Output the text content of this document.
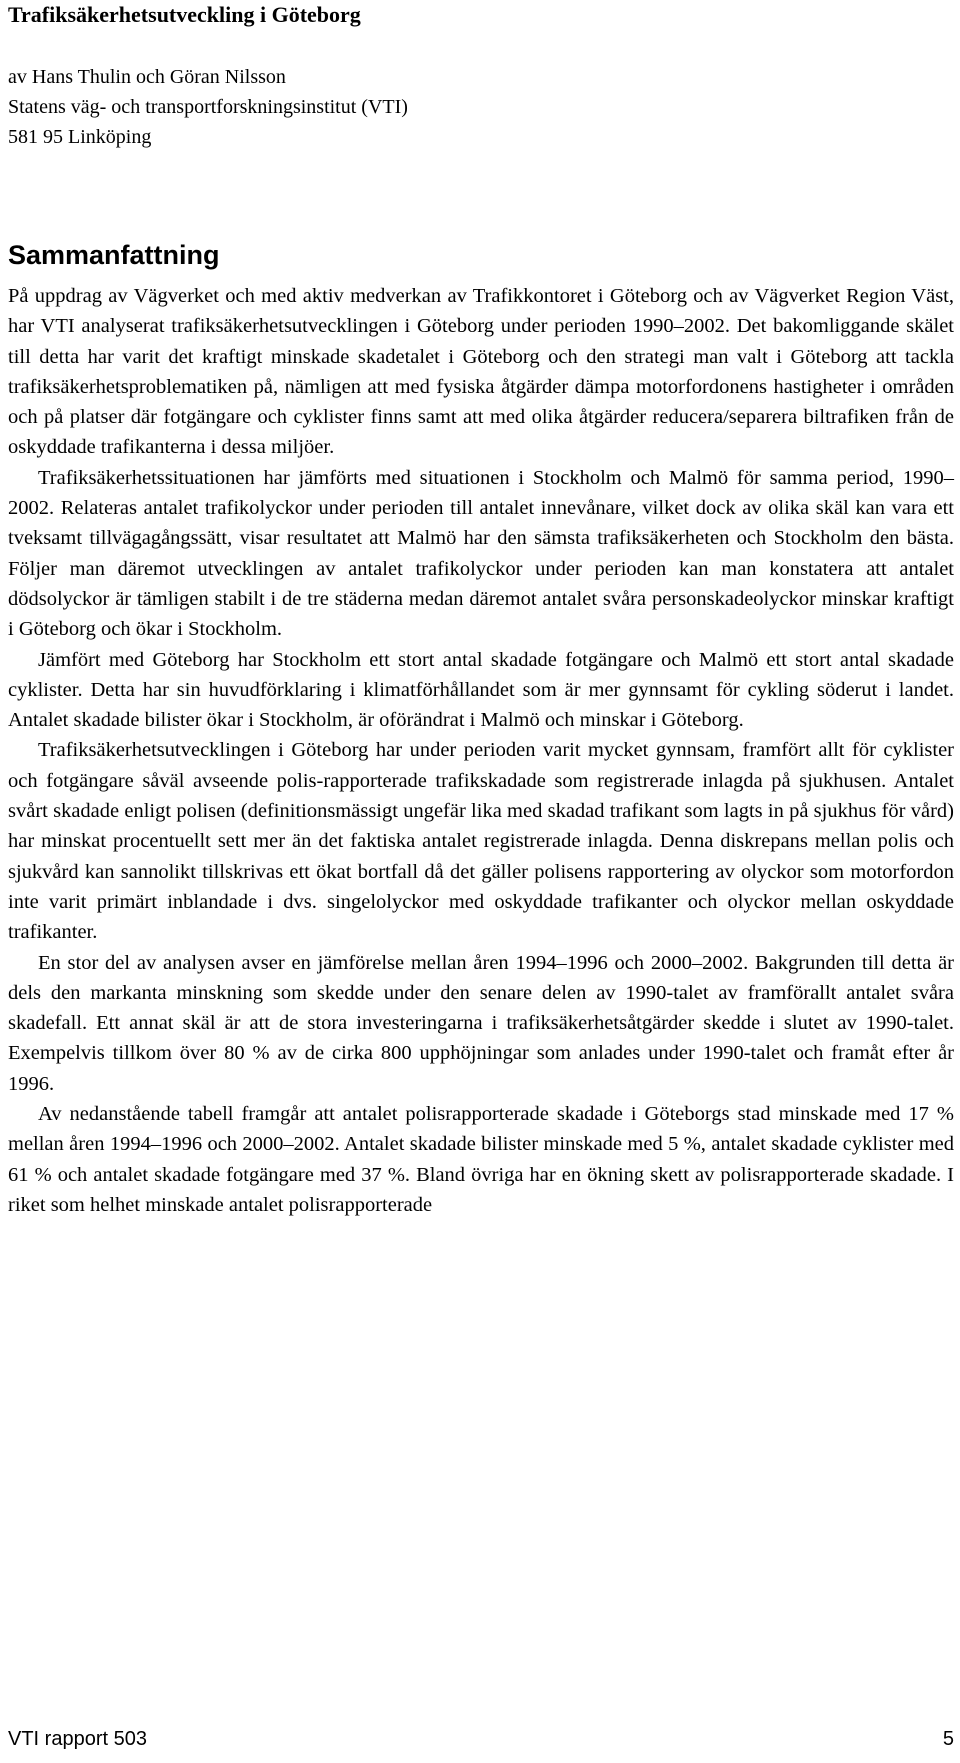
Trafiksäkerhetsutveckling i Göteborg
av Hans Thulin och Göran Nilsson
Statens väg- och transportforskningsinstitut (VTI)
581 95 Linköping
Sammanfattning

På uppdrag av Vägverket och med aktiv medverkan av Trafikkontoret i Göteborg och av Vägverket Region Väst, har VTI analyserat trafiksäkerhetsutvecklingen i Göteborg under perioden 1990–2002. Det bakomliggande skälet till detta har varit det kraftigt minskade skadetalet i Göteborg och den strategi man valt i Göteborg att tackla trafiksäkerhetsproblematiken på, nämligen att med fysiska åtgärder dämpa motorfordonens hastigheter i områden och på platser där fotgängare och cyklister finns samt att med olika åtgärder reducera/separera biltrafiken från de oskyddade trafikanterna i dessa miljöer.

Trafiksäkerhetssituationen har jämförts med situationen i Stockholm och Malmö för samma period, 1990–2002. Relateras antalet trafikolyckor under perioden till antalet innevånare, vilket dock av olika skäl kan vara ett tveksamt tillvägagångssätt, visar resultatet att Malmö har den sämsta trafiksäkerheten och Stockholm den bästa. Följer man däremot utvecklingen av antalet trafikolyckor under perioden kan man konstatera att antalet dödsolyckor är tämligen stabilt i de tre städerna medan däremot antalet svåra personskadeolyckor minskar kraftigt i Göteborg och ökar i Stockholm.

Jämfört med Göteborg har Stockholm ett stort antal skadade fotgängare och Malmö ett stort antal skadade cyklister. Detta har sin huvudförklaring i klimatförhållandet som är mer gynnsamt för cykling söderut i landet. Antalet skadade bilister ökar i Stockholm, är oförändrat i Malmö och minskar i Göteborg.

Trafiksäkerhetsutvecklingen i Göteborg har under perioden varit mycket gynnsam, framfört allt för cyklister och fotgängare såväl avseende polis-rapporterade trafikskadade som registrerade inlagda på sjukhusen. Antalet svårt skadade enligt polisen (definitionsmässigt ungefär lika med skadad trafikant som lagts in på sjukhus för vård) har minskat procentuellt sett mer än det faktiska antalet registrerade inlagda. Denna diskrepans mellan polis och sjukvård kan sannolikt tillskrivas ett ökat bortfall då det gäller polisens rapportering av olyckor som motorfordon inte varit primärt inblandade i dvs. singelolyckor med oskyddade trafikanter och olyckor mellan oskyddade trafikanter.

En stor del av analysen avser en jämförelse mellan åren 1994–1996 och 2000–2002. Bakgrunden till detta är dels den markanta minskning som skedde under den senare delen av 1990-talet av framförallt antalet svåra skadefall. Ett annat skäl är att de stora investeringarna i trafiksäkerhetsåtgärder skedde i slutet av 1990-talet. Exempelvis tillkom över 80 % av de cirka 800 upphöjningar som anlades under 1990-talet och framåt efter år 1996.

Av nedanstående tabell framgår att antalet polisrapporterade skadade i Göteborgs stad minskade med 17 % mellan åren 1994–1996 och 2000–2002. Antalet skadade bilister minskade med 5 %, antalet skadade cyklister med 61 % och antalet skadade fotgängare med 37 %. Bland övriga har en ökning skett av polisrapporterade skadade. I riket som helhet minskade antalet polisrapporterade

VTI rapport 503	5
